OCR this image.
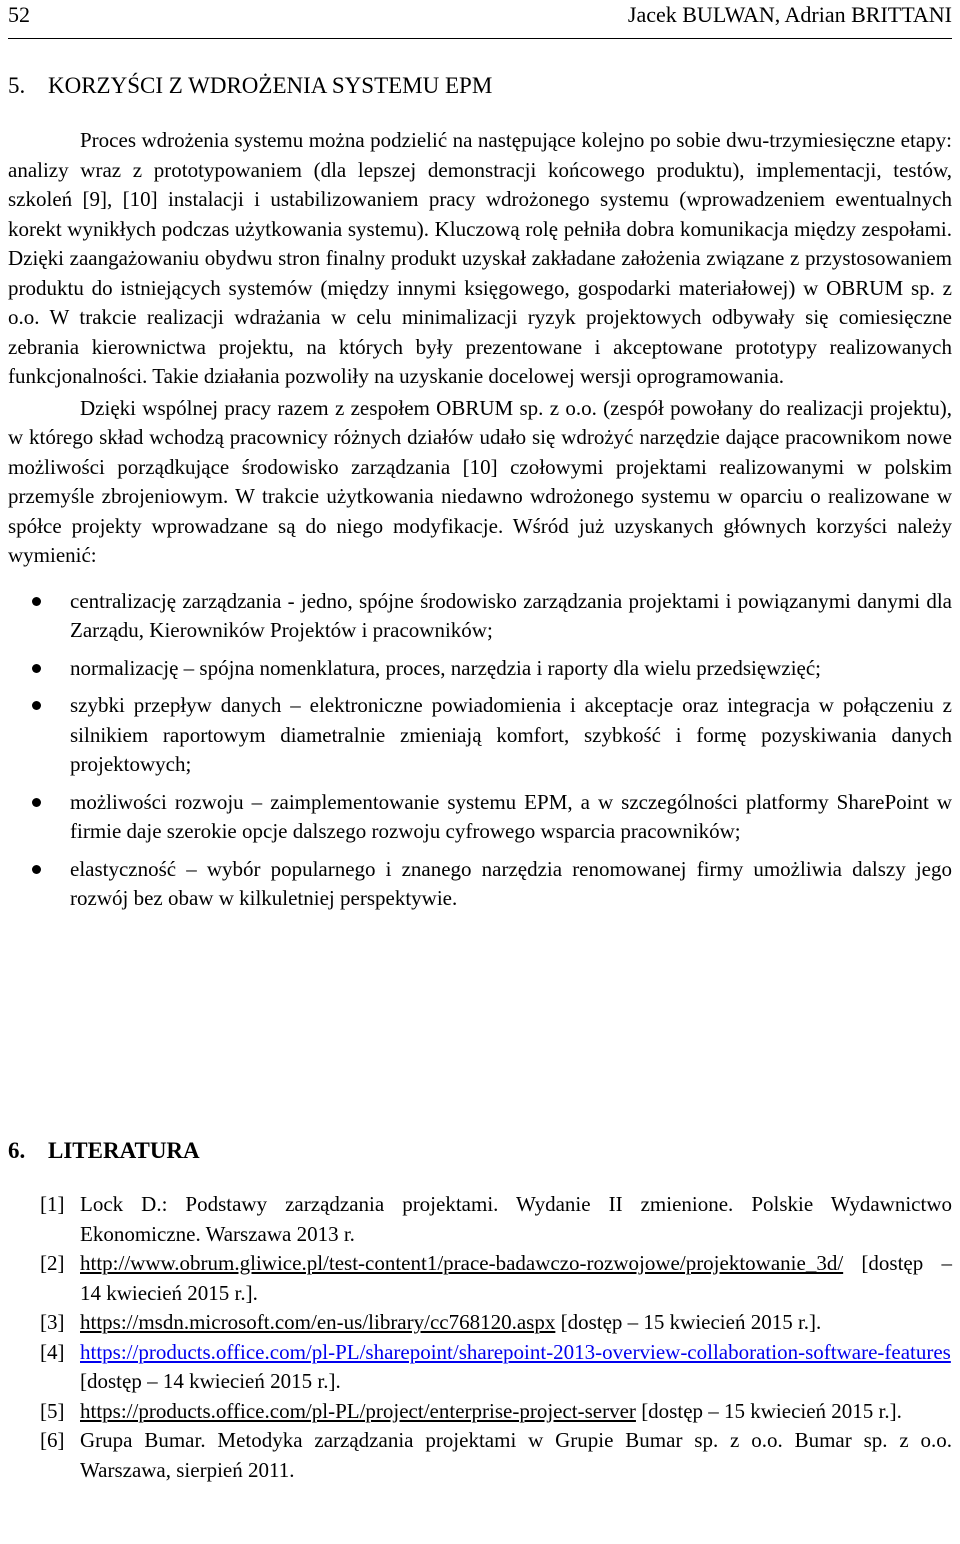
52	Jacek BULWAN, Adrian BRITTANI
5. KORZYŚCI Z WDROŻENIA SYSTEMU EPM

Proces wdrożenia systemu można podzielić na następujące kolejno po sobie dwu-trzymiesięczne etapy: analizy wraz z prototypowaniem (dla lepszej demonstracji końcowego produktu), implementacji, testów, szkoleń [9], [10] instalacji i ustabilizowaniem pracy wdrożonego systemu (wprowadzeniem ewentualnych korekt wynikłych podczas użytkowania systemu). Kluczową rolę pełniła dobra komunikacja między zespołami. Dzięki zaangażowaniu obydwu stron finalny produkt uzyskał zakładane założenia związane z przystosowaniem produktu do istniejących systemów (między innymi księgowego, gospodarki materiałowej) w OBRUM sp. z o.o. W trakcie realizacji wdrażania w celu minimalizacji ryzyk projektowych odbywały się comiesięczne zebrania kierownictwa projektu, na których były prezentowane i akceptowane prototypy realizowanych funkcjonalności. Takie działania pozwoliły na uzyskanie docelowej wersji oprogramowania.

Dzięki wspólnej pracy razem z zespołem OBRUM sp. z o.o. (zespół powołany do realizacji projektu), w którego skład wchodzą pracownicy różnych działów udało się wdrożyć narzędzie dające pracownikom nowe możliwości porządkujące środowisko zarządzania [10] czołowymi projektami realizowanymi w polskim przemyśle zbrojeniowym. W trakcie użytkowania niedawno wdrożonego systemu w oparciu o realizowane w spółce projekty wprowadzane są do niego modyfikacje. Wśród już uzyskanych głównych korzyści należy wymienić:

centralizację zarządzania - jedno, spójne środowisko zarządzania projektami i powiązanymi danymi dla Zarządu, Kierowników Projektów i pracowników;
normalizację – spójna nomenklatura, proces, narzędzia i raporty dla wielu przedsięwzięć;
szybki przepływ danych – elektroniczne powiadomienia i akceptacje oraz integracja w połączeniu z silnikiem raportowym diametralnie zmieniają komfort, szybkość i formę pozyskiwania danych projektowych;
możliwości rozwoju – zaimplementowanie systemu EPM, a w szczególności platformy SharePoint w firmie daje szerokie opcje dalszego rozwoju cyfrowego wsparcia pracowników;
elastyczność – wybór popularnego i znanego narzędzia renomowanej firmy umożliwia dalszy jego rozwój bez obaw w kilkuletniej perspektywie.
6. LITERATURA
[1] Lock D.: Podstawy zarządzania projektami. Wydanie II zmienione. Polskie Wydawnictwo Ekonomiczne. Warszawa 2013 r.
[2] http://www.obrum.gliwice.pl/test-content1/prace-badawczo-rozwojowe/projektowanie_3d/ [dostęp – 14 kwiecień 2015 r.].
[3] https://msdn.microsoft.com/en-us/library/cc768120.aspx [dostęp – 15 kwiecień 2015 r.].
[4] https://products.office.com/pl-PL/sharepoint/sharepoint-2013-overview-collaboration-software-features [dostęp – 14 kwiecień 2015 r.].
[5] https://products.office.com/pl-PL/project/enterprise-project-server [dostęp – 15 kwiecień 2015 r.].
[6] Grupa Bumar. Metodyka zarządzania projektami w Grupie Bumar sp. z o.o. Bumar sp. z o.o. Warszawa, sierpień 2011.
